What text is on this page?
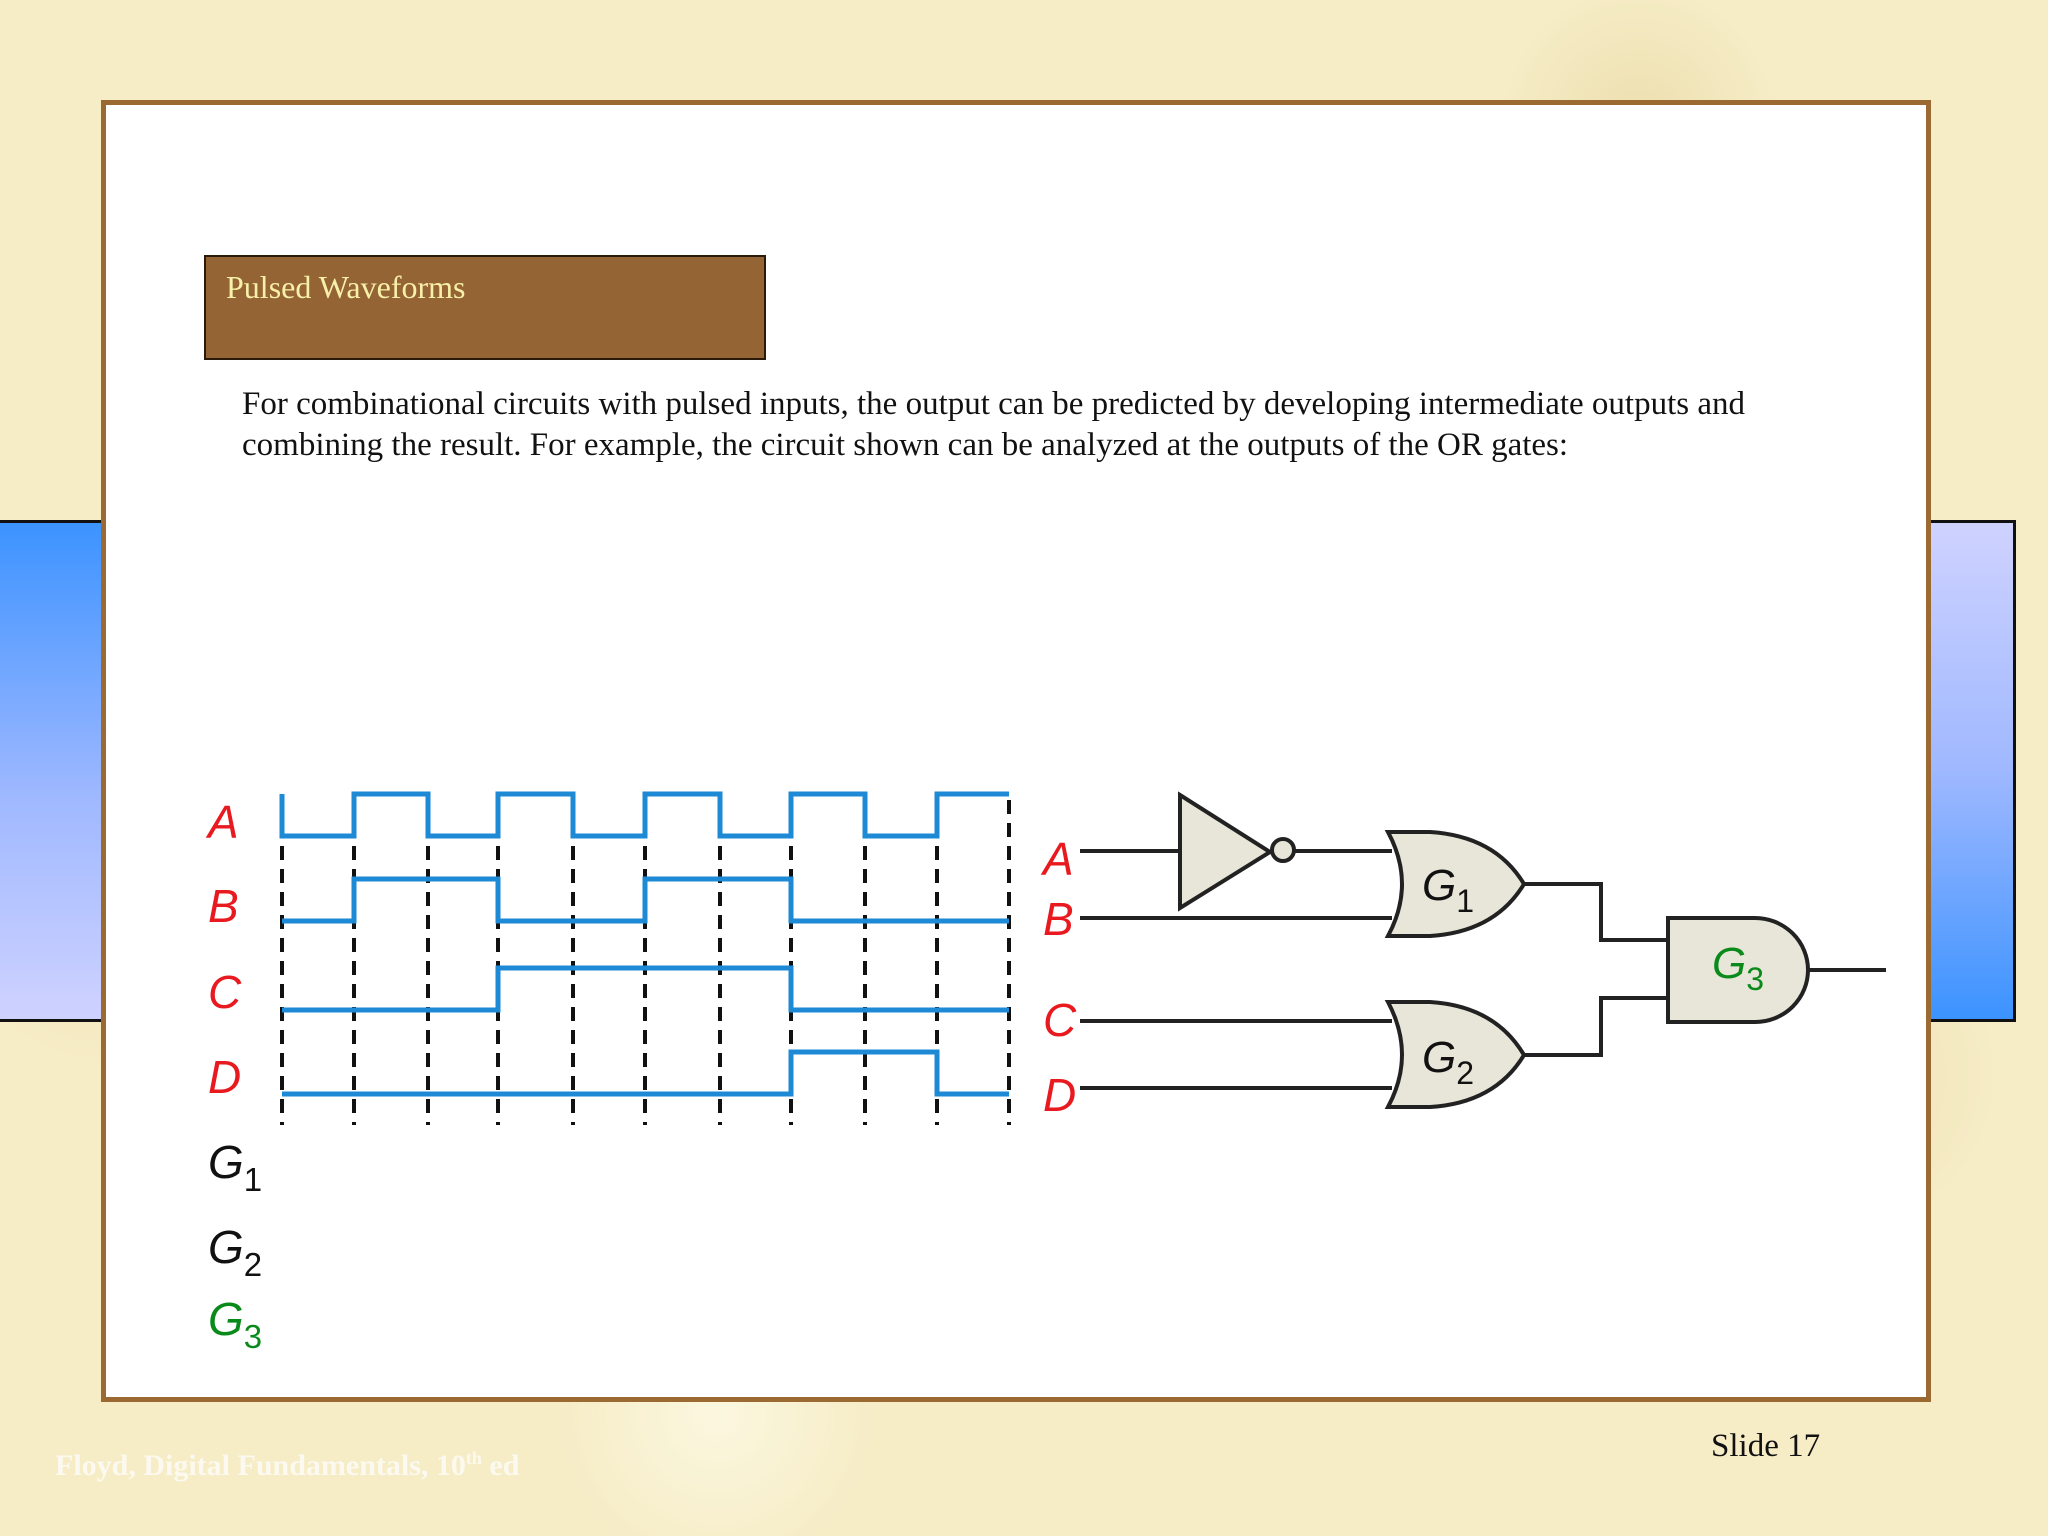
Pulsed Waveforms

For combinational circuits with pulsed inputs, the output can be predicted by developing intermediate outputs and

combining the result. For example, the circuit shown can be analyzed at the outputs of the OR gates:

A
B
C
D
$G_1$
$G_2$
$G_3$
A
B
C
D
$G_1$
$G_2$
$G_3$
Slide 17
Floyd, Digital Fundamentals, 10th ed
